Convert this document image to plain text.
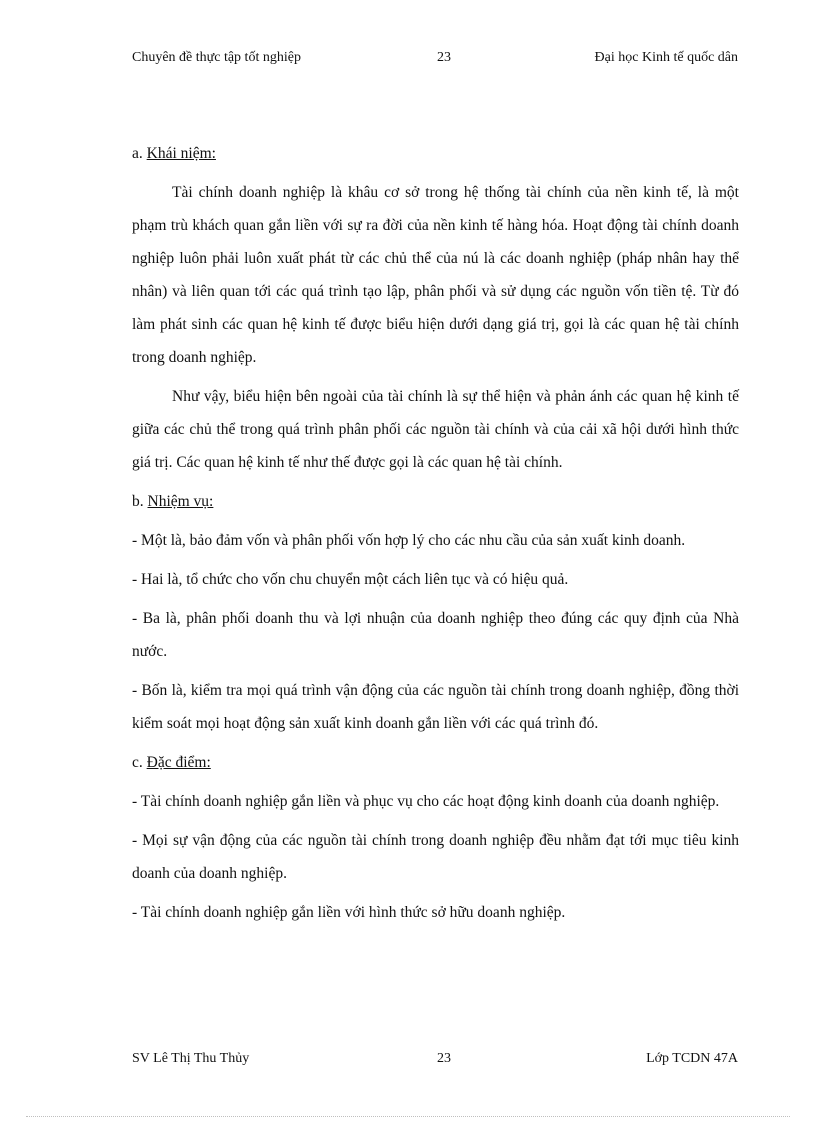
Chuyên đề thực tập tốt nghiệp	23	Đại học Kinh tế quốc dân

a. Khái niệm:

Tài chính doanh nghiệp là khâu cơ sở trong hệ thống tài chính của nền kinh tế, là một phạm trù khách quan gắn liền với sự ra đời của nền kinh tế hàng hóa. Hoạt động tài chính doanh nghiệp luôn phải luôn xuất phát từ các chủ thể của nú là các doanh nghiệp (pháp nhân hay thể nhân) và liên quan tới các quá trình tạo lập, phân phối và sử dụng các nguồn vốn tiền tệ. Từ đó làm phát sinh các quan hệ kinh tế được biểu hiện dưới dạng giá trị, gọi là các quan hệ tài chính trong doanh nghiệp.

Như vậy, biểu hiện bên ngoài của tài chính là sự thể hiện và phản ánh các quan hệ kinh tế giữa các chủ thể trong quá trình phân phối các nguồn tài chính và của cải xã hội dưới hình thức giá trị. Các quan hệ kinh tế như thế được gọi là các quan hệ tài chính.

b. Nhiệm vụ:

- Một là, bảo đảm vốn và phân phối vốn hợp lý cho các nhu cầu của sản xuất kinh doanh.

- Hai là, tổ chức cho vốn chu chuyển một cách liên tục và có hiệu quả.

- Ba là, phân phối doanh thu và lợi nhuận của doanh nghiệp theo đúng các quy định của Nhà nước.

- Bốn là, kiểm tra mọi quá trình vận động của các nguồn tài chính trong doanh nghiệp, đồng thời kiểm soát mọi hoạt động sản xuất kinh doanh gắn liền với các quá trình đó.

c. Đặc điểm:

- Tài chính doanh nghiệp gắn liền và phục vụ cho các hoạt động kinh doanh của doanh nghiệp.

- Mọi sự vận động của các nguồn tài chính trong doanh nghiệp đều nhằm đạt tới mục tiêu kinh doanh của doanh nghiệp.

- Tài chính doanh nghiệp gắn liền với hình thức sở hữu doanh nghiệp.

SV Lê Thị Thu Thủy	23	Lớp TCDN 47A
